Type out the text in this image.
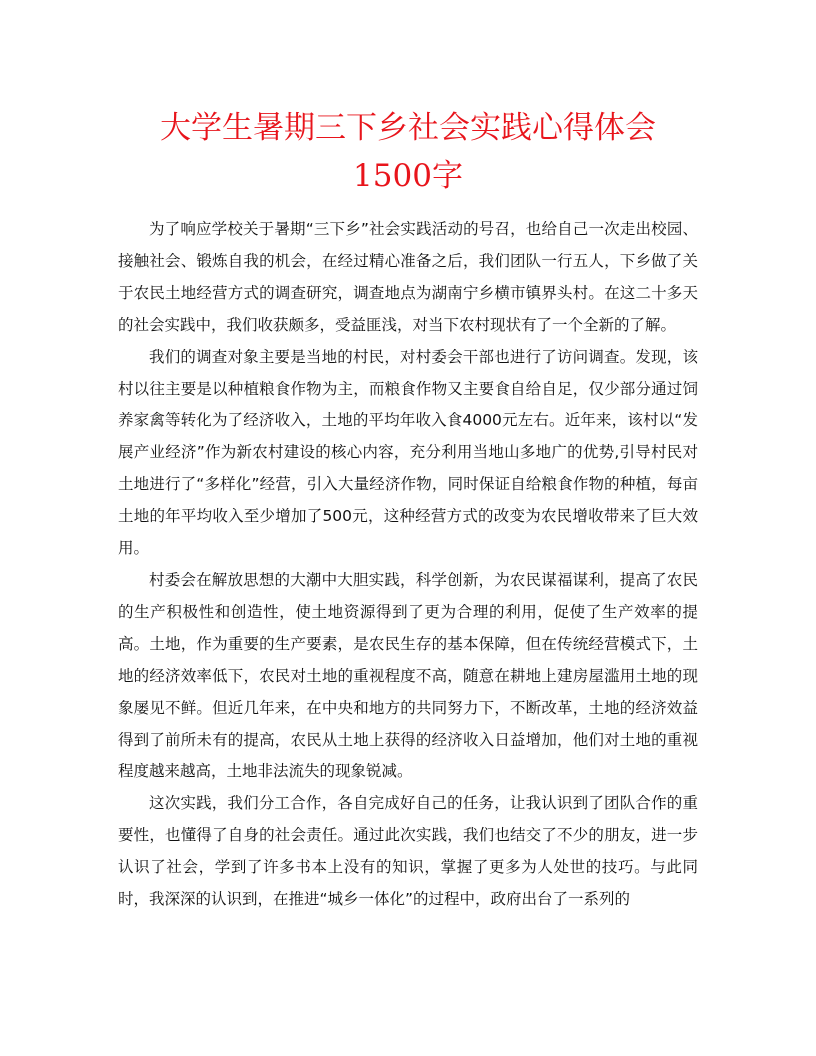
大学生暑期三下乡社会实践心得体会
1500字

为了响应学校关于暑期“三下乡”社会实践活动的号召，也给自己一次走出校园、接触社会、锻炼自我的机会，在经过精心准备之后，我们团队一行五人，下乡做了关于农民土地经营方式的调查研究，调查地点为湖南宁乡横市镇界头村。在这二十多天的社会实践中，我们收获颇多，受益匪浅，对当下农村现状有了一个全新的了解。

我们的调查对象主要是当地的村民，对村委会干部也进行了访问调查。发现，该村以往主要是以种植粮食作物为主，而粮食作物又主要食自给自足，仅少部分通过饲养家禽等转化为了经济收入，土地的平均年收入食4000元左右。近年来，该村以“发展产业经济”作为新农村建设的核心内容，充分利用当地山多地广的优势,引导村民对土地进行了“多样化”经营，引入大量经济作物，同时保证自给粮食作物的种植，每亩土地的年平均收入至少增加了500元，这种经营方式的改变为农民增收带来了巨大效用。

村委会在解放思想的大潮中大胆实践，科学创新，为农民谋福谋利，提高了农民的生产积极性和创造性，使土地资源得到了更为合理的利用，促使了生产效率的提高。土地，作为重要的生产要素，是农民生存的基本保障，但在传统经营模式下，土地的经济效率低下，农民对土地的重视程度不高，随意在耕地上建房屋滥用土地的现象屡见不鲜。但近几年来，在中央和地方的共同努力下，不断改革，土地的经济效益得到了前所未有的提高，农民从土地上获得的经济收入日益增加，他们对土地的重视程度越来越高，土地非法流失的现象锐减。

这次实践，我们分工合作，各自完成好自己的任务，让我认识到了团队合作的重要性，也懂得了自身的社会责任。通过此次实践，我们也结交了不少的朋友，进一步认识了社会，学到了许多书本上没有的知识，掌握了更多为人处世的技巧。与此同时，我深深的认识到，在推进“城乡一体化”的过程中，政府出台了一系列的
